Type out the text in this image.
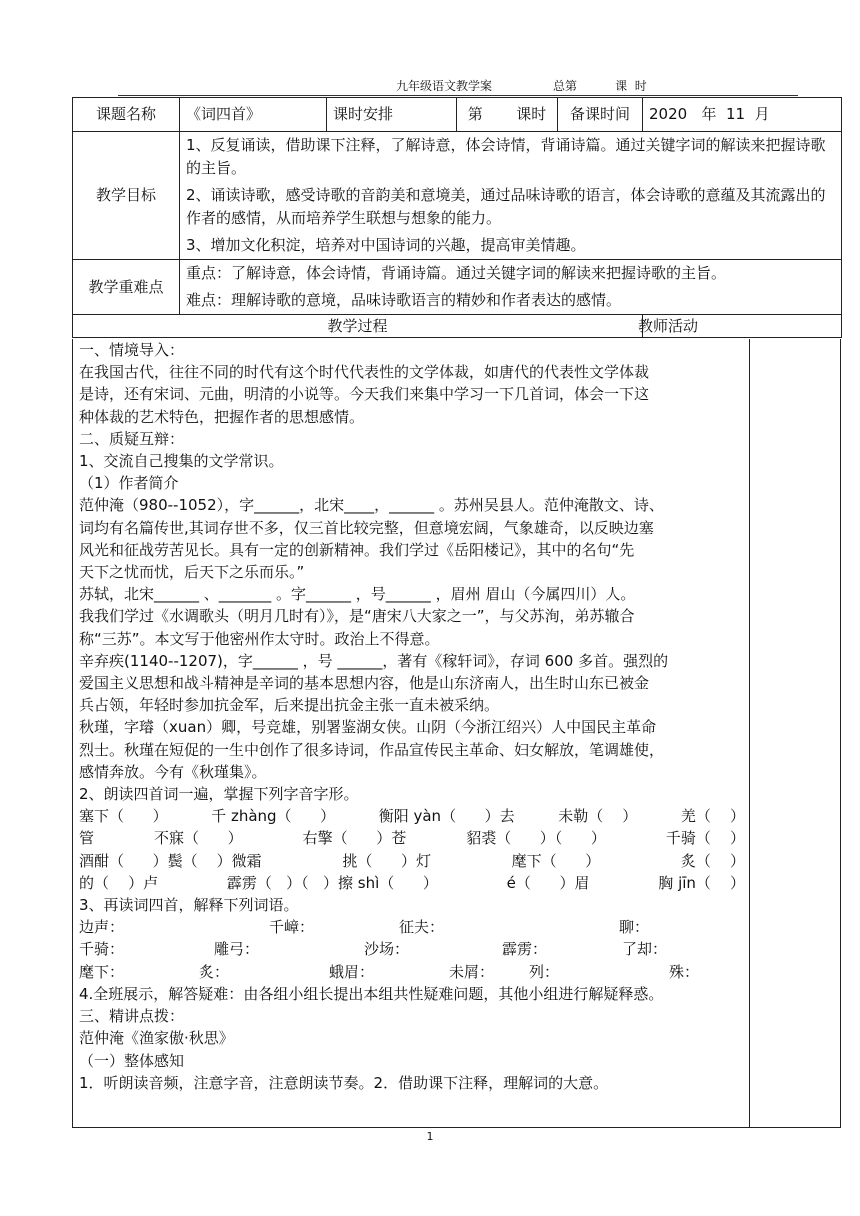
九年级语文教学案                总第          课  时
课题名称	《词四首》	课时安排	第 课时	备课时间	2020   年  11  月
教学目标	1、反复诵读，借助课下注释，了解诗意，体会诗情，背诵诗篇。通过关键字词的解读来把握诗歌的主旨。

2、诵读诗歌，感受诗歌的音韵美和意境美，通过品味诗歌的语言，体会诗歌的意蕴及其流露出的作者的感情，从而培养学生联想与想象的能力。

3、增加文化积淀，培养对中国诗词的兴趣，提高审美情趣。				

教学重难点	重点：了解诗意，体会诗情，背诵诗篇。通过关键字词的解读来把握诗歌的主旨。

难点：理解诗歌的意境，品味诗歌语言的精妙和作者表达的感情。				

教学过程					教师活动
一、情境导入：
在我国古代，往往不同的时代有这个时代代表性的文学体裁，如唐代的代表性文学体裁
是诗，还有宋词、元曲，明清的小说等。今天我们来集中学习一下几首词，体会一下这
种体裁的艺术特色，把握作者的思想感情。
二、质疑互辩：
1、交流自己搜集的文学常识。
（1）作者简介
范仲淹（980--1052），字______，北宋____，______ 。苏州吴县人。范仲淹散文、诗、
词均有名篇传世,其词存世不多，仅三首比较完整，但意境宏阔，气象雄奇，以反映边塞
风光和征战劳苦见长。具有一定的创新精神。我们学过《岳阳楼记》，其中的名句“先
天下之忧而忧，后天下之乐而乐。”
苏轼，北宋______ 、_______ 。字______ ，号______ ，眉州 眉山（今属四川）人。
我我们学过《水调歌头（明月几时有）》，是“唐宋八大家之一”，与父苏洵，弟苏辙合
称“三苏”。本文写于他密州作太守时。政治上不得意。
辛弃疾(1140--1207)，字______ ，号 ______，著有《稼轩词》，存词 600 多首。强烈的
爱国主义思想和战斗精神是辛词的基本思想内容，他是山东济南人，出生时山东已被金
兵占领，年轻时参加抗金军，后来提出抗金主张一直未被采纳。
秋瑾，字璿（xuan）卿，号竞雄，别署鉴湖女侠。山阴（今浙江绍兴）人中国民主革命
烈士。秋瑾在短促的一生中创作了很多诗词，作品宣传民主革命、妇女解放，笔调雄使，
感情奔放。今有《秋瑾集》。
2、朗读四首词一遍，掌握下列字音字形。
塞下（      ）	千 zhàng（      ）	衡阳 yàn（      ）去	未勒（    ）	羌（    ）
管	不寐（      ）	右擎（      ）苍	貂裘（      ）（      ）	千骑（    ）
酒酣（      ）鬓（    ）微霜	挑（      ）灯	麾下（      ）	炙（    ）
的（    ）卢	霹雳（   ）（   ）擦 shì（      ）	é（      ）眉	胸 jīn（    ）
3、再读词四首，解释下列词语。
边声：	千嶂：	征夫：	聊：
千骑：	雕弓：	沙场：	霹雳：	了却：
麾下：	炙：	蛾眉：	未屑： 列：	殊：
4.全班展示，解答疑难：由各组小组长提出本组共性疑难问题，其他小组进行解疑释惑。
三、精讲点拨：
范仲淹《渔家傲·秋思》
（一）整体感知
1．听朗读音频，注意字音，注意朗读节奏。2．借助课下注释，理解词的大意。
1
